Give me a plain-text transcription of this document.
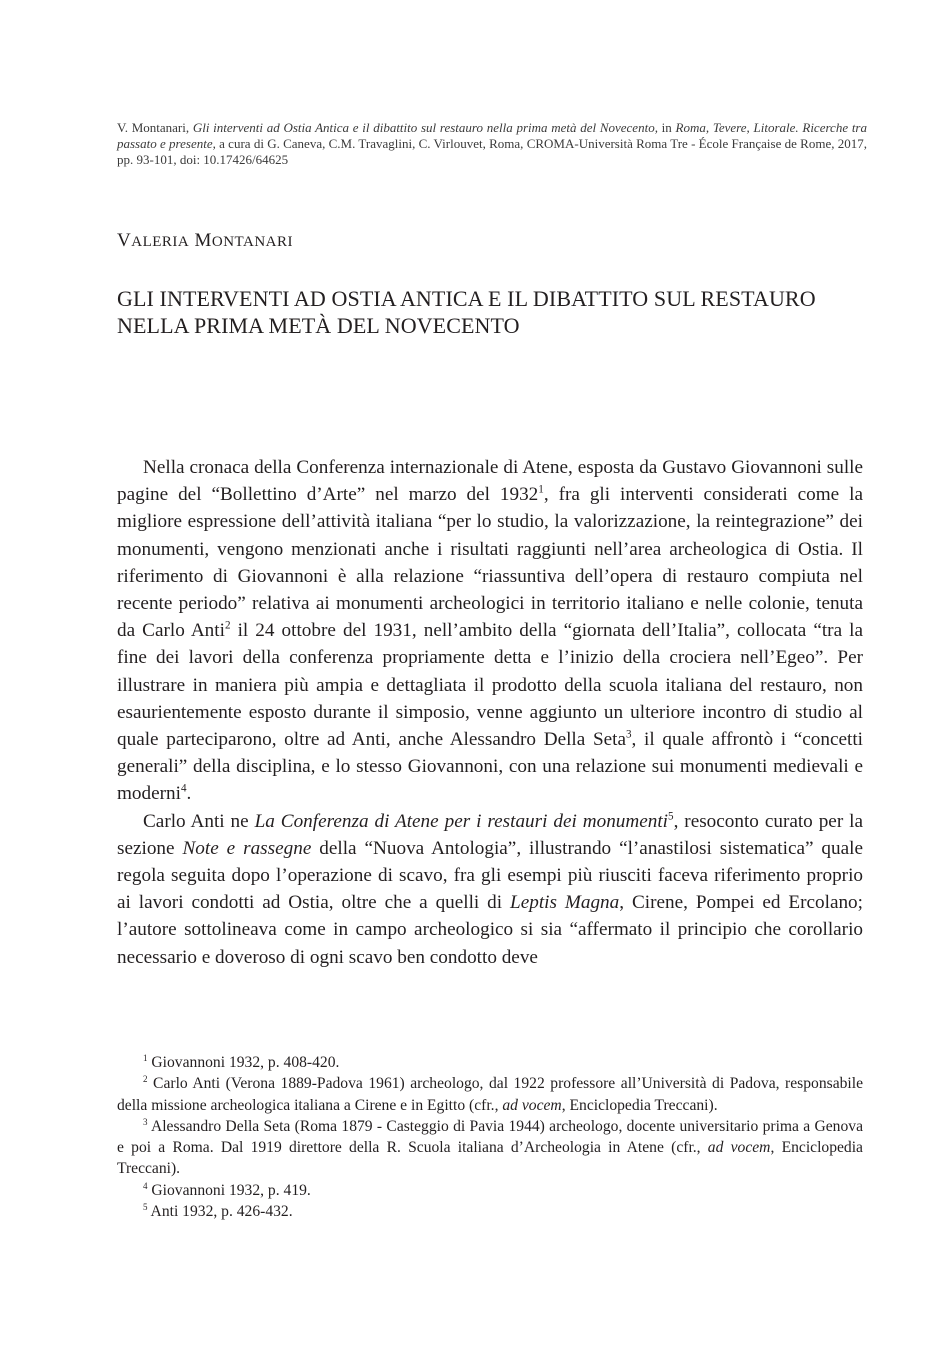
V. Montanari, Gli interventi ad Ostia Antica e il dibattito sul restauro nella prima metà del Novecento, in Roma, Tevere, Litorale. Ricerche tra passato e presente, a cura di G. Caneva, C.M. Travaglini, C. Virlouvet, Roma, CROMA-Università Roma Tre - École Française de Rome, 2017, pp. 93-101, doi: 10.17426/64625
VALERIA MONTANARI
GLI INTERVENTI AD OSTIA ANTICA E IL DIBATTITO SUL RESTAURO
NELLA PRIMA METÀ DEL NOVECENTO

Nella cronaca della Conferenza internazionale di Atene, esposta da Gustavo Giovannoni sulle pagine del “Bollettino d’Arte” nel marzo del 1932$^1$, fra gli interventi considerati come la migliore espressione dell’attività italiana “per lo studio, la valorizzazione, la reintegrazione” dei monumenti, vengono menzionati anche i risultati raggiunti nell’area archeologica di Ostia. Il riferimento di Giovannoni è alla relazione “riassuntiva dell’opera di restauro compiuta nel recente periodo” relativa ai monumenti archeologici in territorio italiano e nelle colonie, tenuta da Carlo Anti$^2$ il 24 ottobre del 1931, nell’ambito della “giornata dell’Italia”, collocata “tra la fine dei lavori della conferenza propriamente detta e l’inizio della crociera nell’Egeo”. Per illustrare in maniera più ampia e dettagliata il prodotto della scuola italiana del restauro, non esaurientemente esposto durante il simposio, venne aggiunto un ulteriore incontro di studio al quale parteciparono, oltre ad Anti, anche Alessandro Della Seta$^3$, il quale affrontò i “concetti generali” della disciplina, e lo stesso Giovannoni, con una relazione sui monumenti medievali e moderni$^4$.

Carlo Anti ne La Conferenza di Atene per i restauri dei monumenti$^5$, resoconto curato per la sezione Note e rassegne della “Nuova Antologia”, illustrando “l’anastilosi sistematica” quale regola seguita dopo l’operazione di scavo, fra gli esempi più riusciti faceva riferimento proprio ai lavori condotti ad Ostia, oltre che a quelli di Leptis Magna, Cirene, Pompei ed Ercolano; l’autore sottolineava come in campo archeologico si sia “affermato il principio che corollario necessario e doveroso di ogni scavo ben condotto deve

$^1$ Giovannoni 1932, p. 408-420.

$^2$ Carlo Anti (Verona 1889-Padova 1961) archeologo, dal 1922 professore all’Università di Padova, responsabile della missione archeologica italiana a Cirene e in Egitto (cfr., ad vocem, Enciclopedia Treccani).

$^3$ Alessandro Della Seta (Roma 1879 - Casteggio di Pavia 1944) archeologo, docente universitario prima a Genova e poi a Roma. Dal 1919 direttore della R. Scuola italiana d’Archeologia in Atene (cfr., ad vocem, Enciclopedia Treccani).

$^4$ Giovannoni 1932, p. 419.

$^5$ Anti 1932, p. 426-432.
